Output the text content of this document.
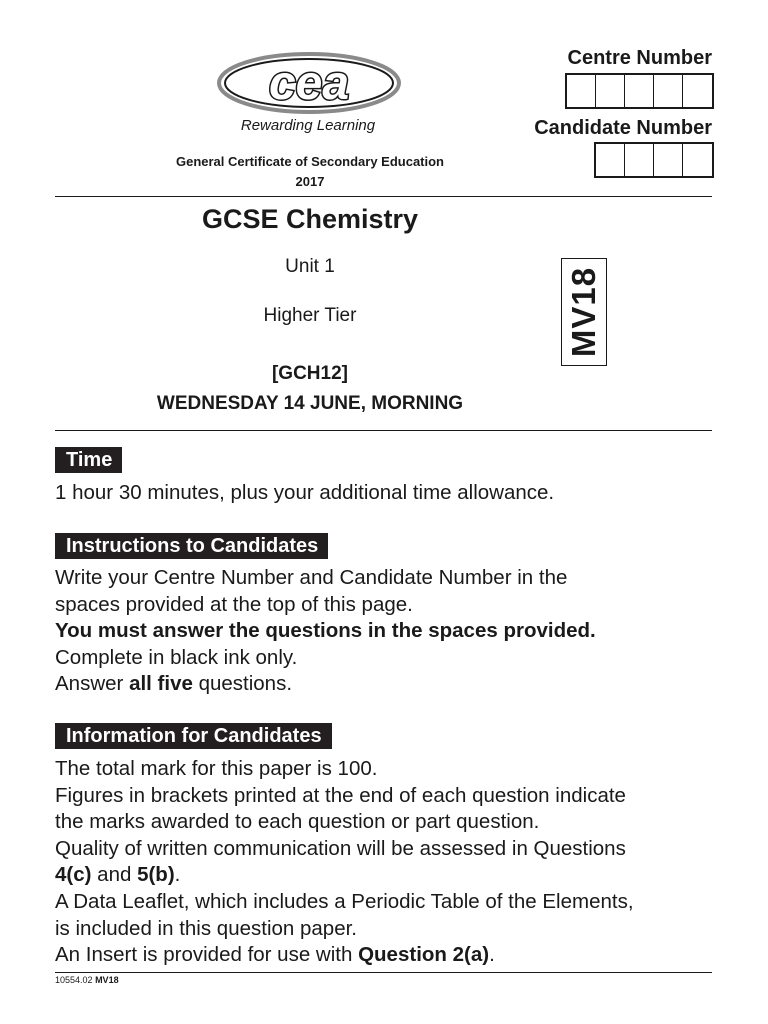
cea
Rewarding Learning
General Certificate of Secondary Education
2017
Centre Number
Candidate Number
GCSE Chemistry
Unit 1
Higher Tier
[GCH12]
WEDNESDAY 14 JUNE, MORNING
MV18
Time

1 hour 30 minutes, plus your additional time allowance.

Instructions to Candidates

Write your Centre Number and Candidate Number in the

spaces provided at the top of this page.

You must answer the questions in the spaces provided.

Complete in black ink only.

Answer all five questions.

Information for Candidates

The total mark for this paper is 100.

Figures in brackets printed at the end of each question indicate

the marks awarded to each question or part question.

Quality of written communication will be assessed in Questions

4(c) and 5(b).

A Data Leaflet, which includes a Periodic Table of the Elements,

is included in this question paper.

An Insert is provided for use with Question 2(a).

10554.02 MV18
